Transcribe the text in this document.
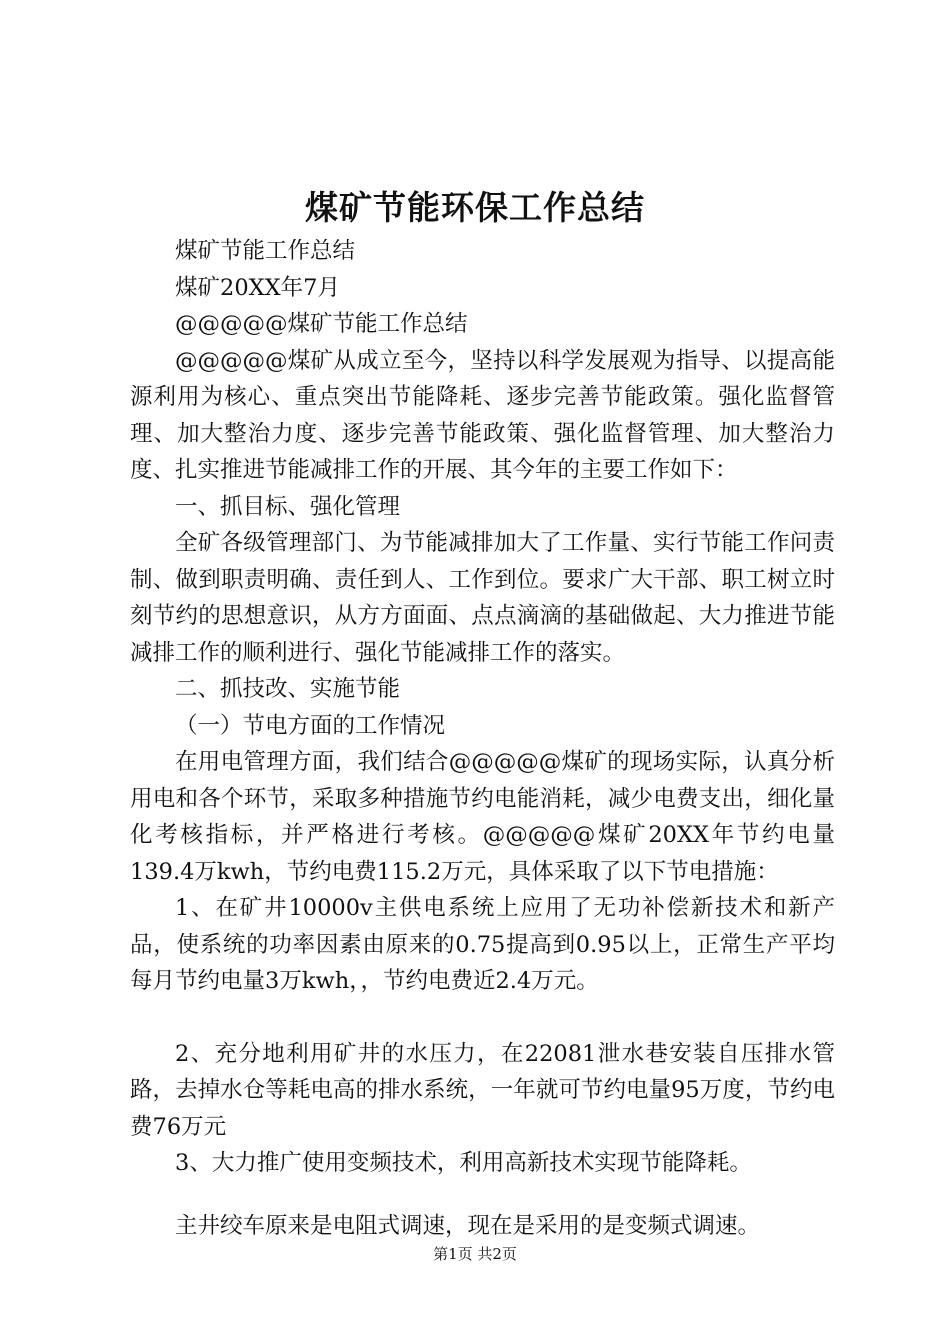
煤矿节能环保工作总结

煤矿节能工作总结

煤矿20XX年7月

@@@@@煤矿节能工作总结

@@@@@煤矿从成立至今，坚持以科学发展观为指导、以提高能源利用为核心、重点突出节能降耗、逐步完善节能政策。强化监督管理、加大整治力度、逐步完善节能政策、强化监督管理、加大整治力度、扎实推进节能减排工作的开展、其今年的主要工作如下：

一、抓目标、强化管理

全矿各级管理部门、为节能减排加大了工作量、实行节能工作问责制、做到职责明确、责任到人、工作到位。要求广大干部、职工树立时刻节约的思想意识，从方方面面、点点滴滴的基础做起、大力推进节能减排工作的顺利进行、强化节能减排工作的落实。

二、抓技改、实施节能

（一）节电方面的工作情况

在用电管理方面，我们结合@@@@@煤矿的现场实际，认真分析用电和各个环节，采取多种措施节约电能消耗，减少电费支出，细化量化考核指标，并严格进行考核。@@@@@煤矿20XX年节约电量139.4万kwh，节约电费115.2万元，具体采取了以下节电措施：

1、在矿井10000v主供电系统上应用了无功补偿新技术和新产品，使系统的功率因素由原来的0.75提高到0.95以上，正常生产平均每月节约电量3万kwh，，节约电费近2.4万元。

2、充分地利用矿井的水压力，在22081泄水巷安装自压排水管路，去掉水仓等耗电高的排水系统，一年就可节约电量95万度，节约电费76万元

3、大力推广使用变频技术，利用高新技术实现节能降耗。

主井绞车原来是电阻式调速，现在是采用的是变频式调速。

第1页 共2页
